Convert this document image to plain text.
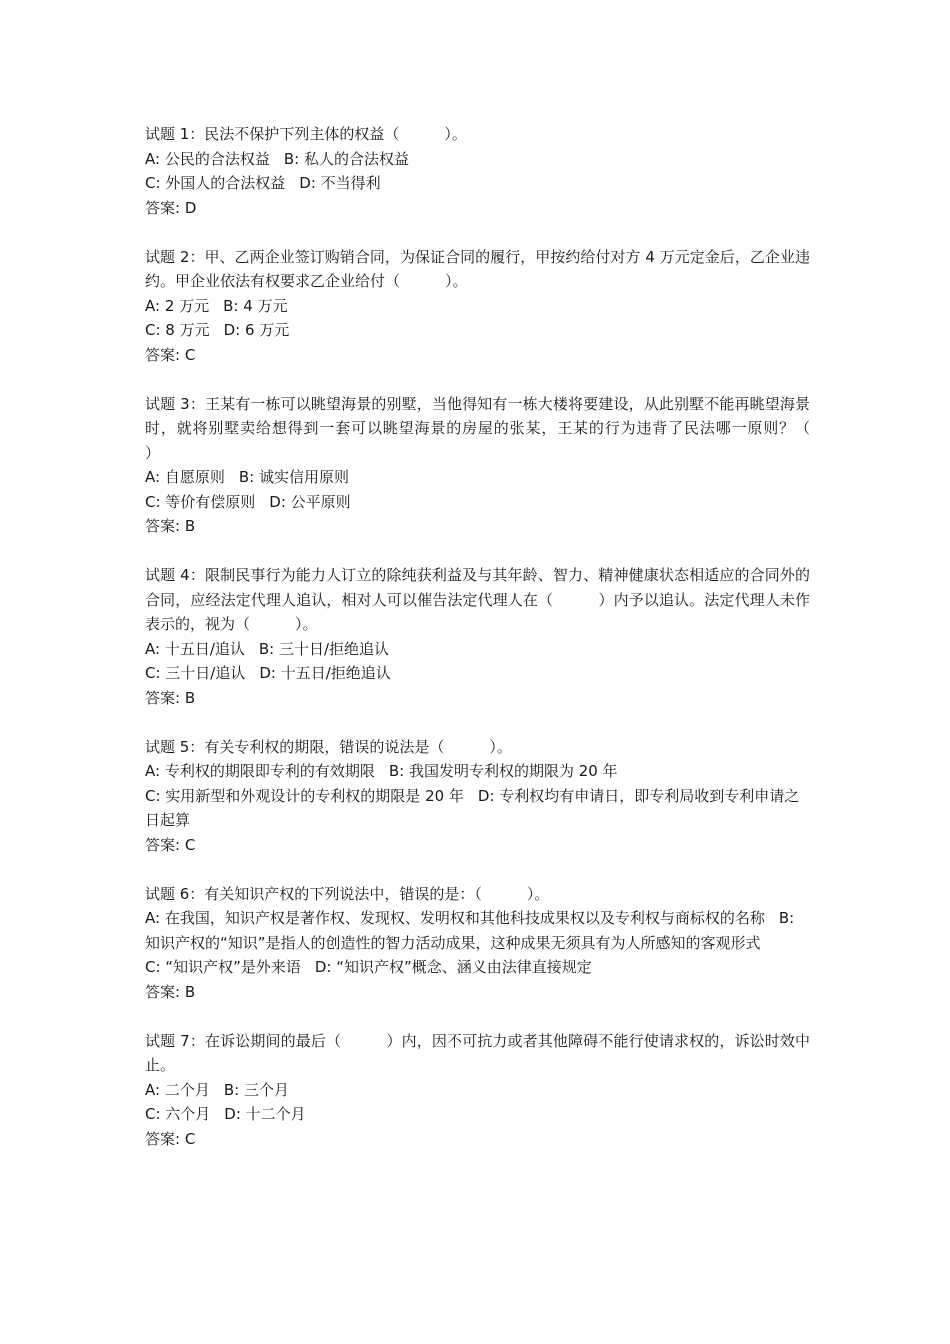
试题 1：民法不保护下列主体的权益（　　　）。
A: 公民的合法权益 B: 私人的合法权益
C: 外国人的合法权益 D: 不当得利
答案: D
试题 2：甲、乙两企业签订购销合同，为保证合同的履行，甲按约给付对方 4 万元定金后，乙企业违约。甲企业依法有权要求乙企业给付（　　　）。
A: 2 万元 B: 4 万元
C: 8 万元 D: 6 万元
答案: C
试题 3：王某有一栋可以眺望海景的别墅，当他得知有一栋大楼将要建设，从此别墅不能再眺望海景时，就将别墅卖给想得到一套可以眺望海景的房屋的张某，王某的行为违背了民法哪一原则？（　　　）
A: 自愿原则 B: 诚实信用原则
C: 等价有偿原则 D: 公平原则
答案: B
试题 4：限制民事行为能力人订立的除纯获利益及与其年龄、智力、精神健康状态相适应的合同外的合同，应经法定代理人追认，相对人可以催告法定代理人在（　　　）内予以追认。法定代理人未作表示的，视为（　　　）。
A: 十五日/追认 B: 三十日/拒绝追认
C: 三十日/追认 D: 十五日/拒绝追认
答案: B
试题 5：有关专利权的期限，错误的说法是（　　　）。
A: 专利权的期限即专利的有效期限 B: 我国发明专利权的期限为 20 年
C: 实用新型和外观设计的专利权的期限是 20 年 D: 专利权均有申请日，即专利局收到专利申请之日起算
答案: C
试题 6：有关知识产权的下列说法中，错误的是：（　　　）。
A: 在我国，知识产权是著作权、发现权、发明权和其他科技成果权以及专利权与商标权的名称 B: 知识产权的“知识”是指人的创造性的智力活动成果，这种成果无须具有为人所感知的客观形式
C: “知识产权”是外来语 D: “知识产权”概念、涵义由法律直接规定
答案: B
试题 7：在诉讼期间的最后（　　　）内，因不可抗力或者其他障碍不能行使请求权的，诉讼时效中止。
A: 二个月 B: 三个月
C: 六个月 D: 十二个月
答案: C
